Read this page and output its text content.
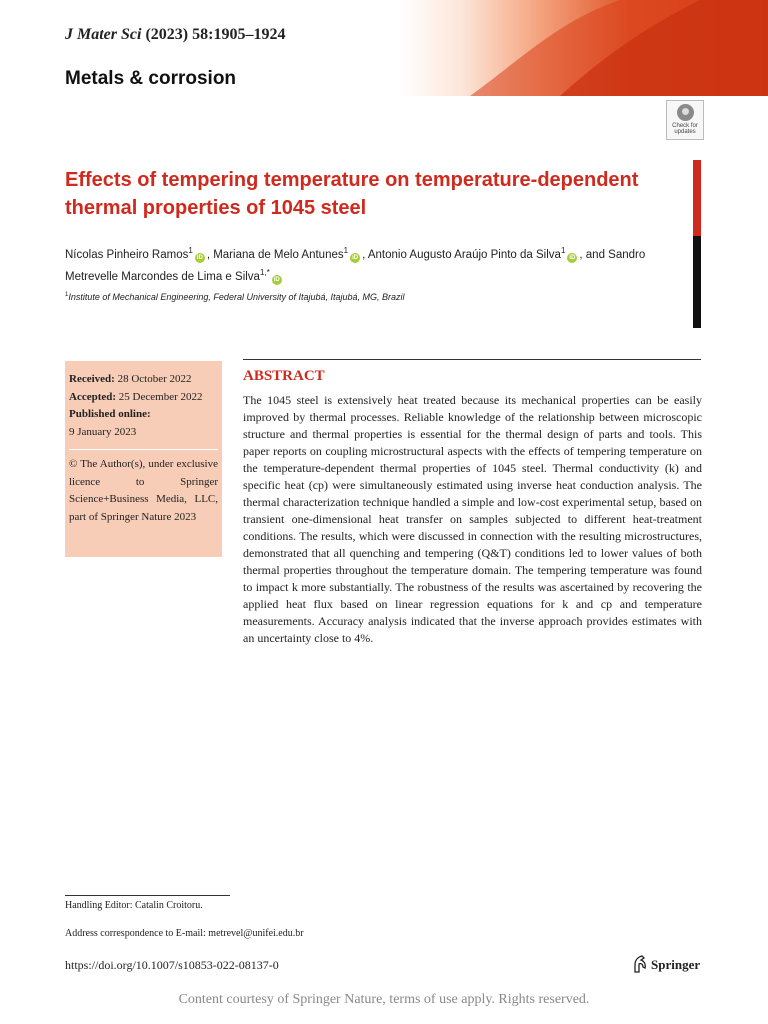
J Mater Sci (2023) 58:1905–1924
Metals & corrosion
Check for updates
Effects of tempering temperature on temperature-dependent thermal properties of 1045 steel
Nícolas Pinheiro Ramos$^1$iD , Mariana de Melo Antunes$^1$iD , Antonio Augusto Araújo Pinto da Silva$^1$iD , and Sandro Metrevelle Marcondes de Lima e Silva$^{1,*}$iD
$^1$Institute of Mechanical Engineering, Federal University of Itajubá, Itajubá, MG, Brazil
Received: 28 October 2022
Accepted: 25 December 2022
Published online:
9 January 2023
© The Author(s), under exclusive licence to Springer Science+Business Media, LLC, part of Springer Nature 2023
ABSTRACT

The 1045 steel is extensively heat treated because its mechanical properties can be easily improved by thermal processes. Reliable knowledge of the relationship between microscopic structure and thermal properties is essential for the thermal design of parts and tools. This paper reports on coupling microstructural aspects with the effects of tempering temperature on the temperature-dependent thermal properties of 1045 steel. Thermal conductivity (k) and specific heat (cp) were simultaneously estimated using inverse heat conduction analysis. The thermal characterization technique handled a simple and low-cost experimental setup, based on transient one-dimensional heat transfer on samples subjected to different heat-treatment conditions. The results, which were discussed in connection with the resulting microstructures, demonstrated that all quenching and tempering (Q&T) conditions led to lower values of both thermal properties throughout the temperature domain. The tempering temperature was found to impact k more substantially. The robustness of the results was ascertained by recovering the applied heat flux based on linear regression equations for k and cp and temperature measurements. Accuracy analysis indicated that the inverse approach provides estimates with an uncertainty close to 4%.

Handling Editor: Catalin Croitoru.
Address correspondence to E-mail: metrevel@unifei.edu.br
https://doi.org/10.1007/s10853-022-08137-0	Springer
Content courtesy of Springer Nature, terms of use apply. Rights reserved.
